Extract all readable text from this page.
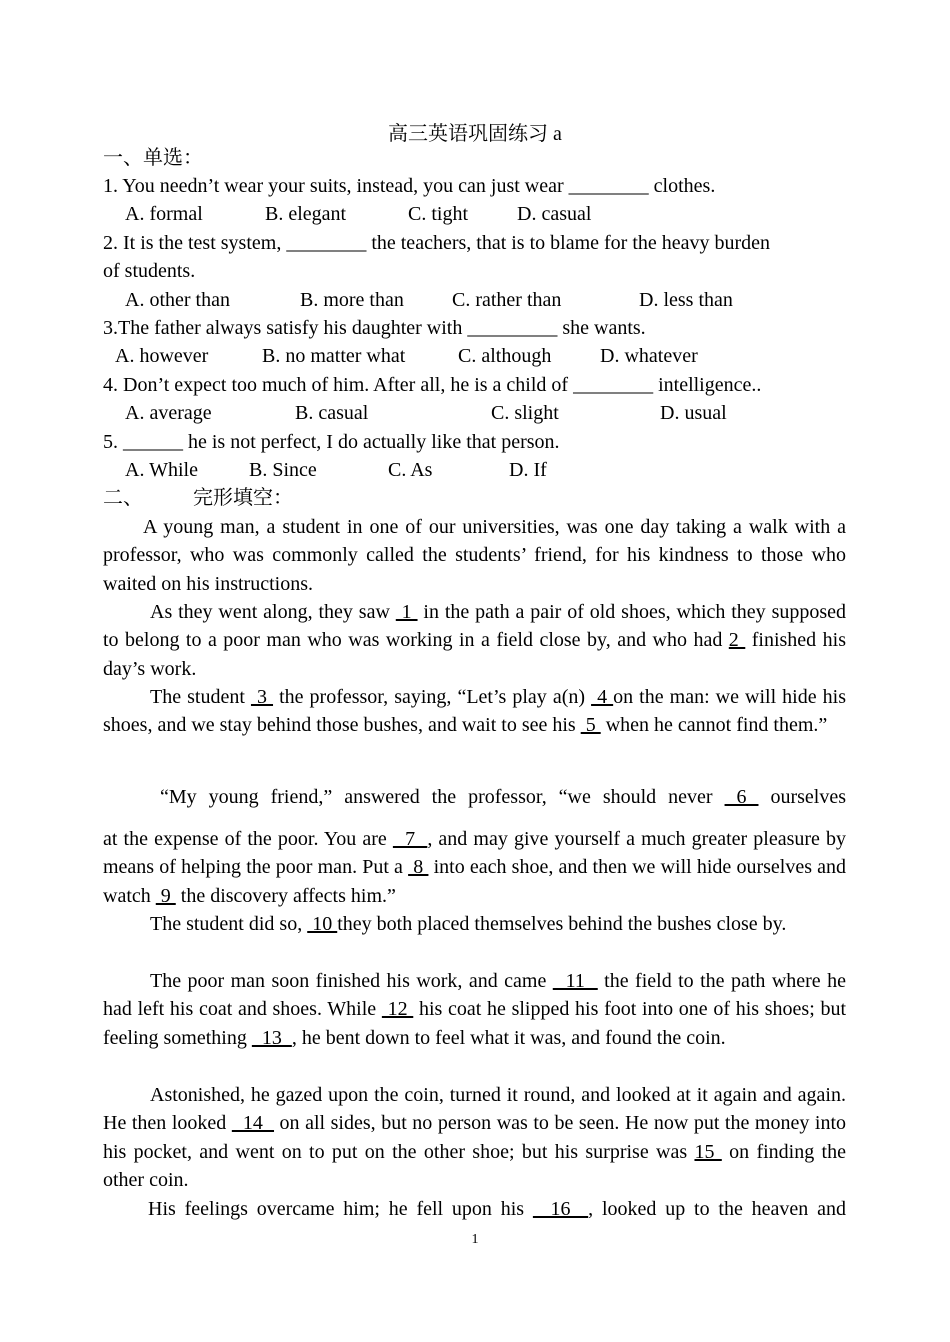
高三英语巩固练习 a
一、单选：
1. You needn’t wear your suits, instead, you can just wear ________ clothes.
A. formal	B. elegant	C. tight D. casual
2. It is the test system, ________ the teachers, that is to blame for the heavy burden
of students.
A. other than	B. more than C. rather than	D. less than
3.The father always satisfy his daughter with _________ she wants.
A. however	B. no matter what	C. although D. whatever
4. Don’t expect too much of him. After all, he is a child of ________ intelligence..
A. average	B. casual	C. slight	D. usual
5. ______ he is not perfect, I do actually like that person.
A. While	B. Since	C. As	D. If
二、	完形填空：
A young man, a student in one of our universities, was one day taking a walk with a professor, who was commonly called the students’ friend, for his kindness to those who waited on his instructions.
As they went along, they saw  1  in the path a pair of old shoes, which they supposed to belong to a poor man who was working in a field close by, and who had 2  finished his day’s work.
The student  3  the professor, saying, “Let’s play a(n)  4 on the man: we will hide his shoes, and we stay behind those bushes, and wait to see his  5  when he cannot find them.”
“My young friend,” answered the professor, “we should never  6  ourselves
at the expense of the poor. You are   7  , and may give yourself a much greater pleasure by means of helping the poor man. Put a  8  into each shoe, and then we will hide ourselves and watch  9  the discovery affects him.”
The student did so,  10 they both placed themselves behind the bushes close by.
The poor man soon finished his work, and came   11   the field to the path where he had left his coat and shoes. While  12  his coat he slipped his foot into one of his shoes; but feeling something   13  , he bent down to feel what it was, and found the coin.
Astonished, he gazed upon the coin, turned it round, and looked at it again and again. He then looked   14   on all sides, but no person was to be seen. He now put the money into his pocket, and went on to put on the other shoe; but his surprise was 15  on finding the other coin.
His feelings overcame him; he fell upon his   16  , looked up to the heaven and
1
